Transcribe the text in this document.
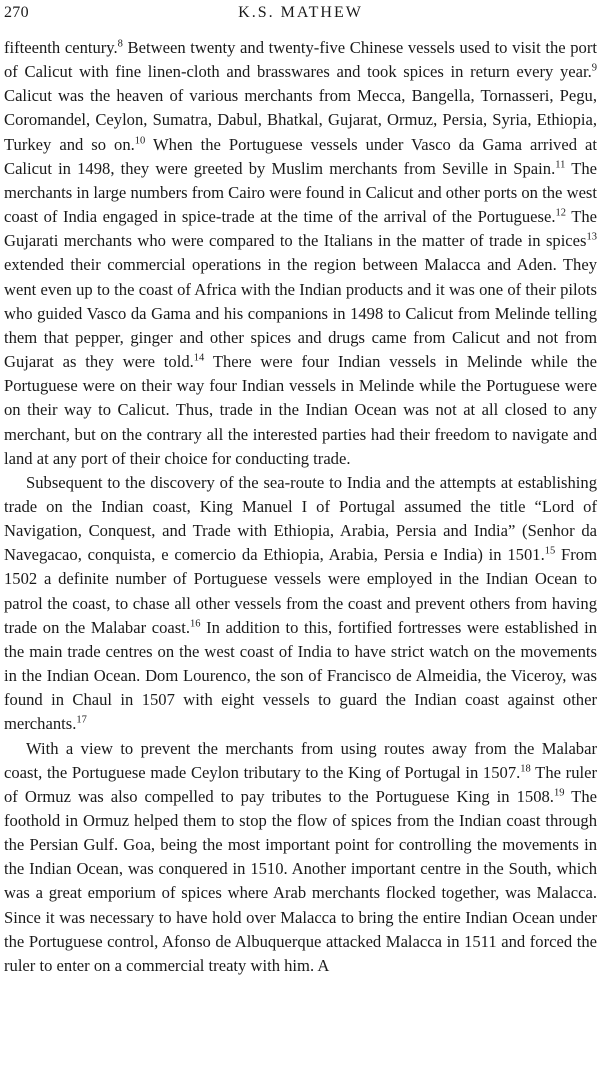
270	K.S. MATHEW

fifteenth century.$^8$ Between twenty and twenty-five Chinese vessels used to visit the port of Calicut with fine linen-cloth and brasswares and took spices in return every year.$^9$ Calicut was the heaven of various merchants from Mecca, Bangella, Tornasseri, Pegu, Coromandel, Ceylon, Sumatra, Dabul, Bhatkal, Gujarat, Ormuz, Persia, Syria, Ethiopia, Turkey and so on.$^{10}$ When the Portuguese vessels under Vasco da Gama arrived at Calicut in 1498, they were greeted by Muslim merchants from Seville in Spain.$^{11}$ The merchants in large numbers from Cairo were found in Calicut and other ports on the west coast of India engaged in spice-trade at the time of the arrival of the Portuguese.$^{12}$ The Gujarati merchants who were compared to the Italians in the matter of trade in spices$^{13}$ extended their commercial operations in the region between Malacca and Aden. They went even up to the coast of Africa with the Indian products and it was one of their pilots who guided Vasco da Gama and his companions in 1498 to Calicut from Melinde telling them that pepper, ginger and other spices and drugs came from Calicut and not from Gujarat as they were told.$^{14}$ There were four Indian vessels in Melinde while the Portuguese were on their way four Indian vessels in Melinde while the Portuguese were on their way to Calicut. Thus, trade in the Indian Ocean was not at all closed to any merchant, but on the contrary all the interested parties had their freedom to navigate and land at any port of their choice for conducting trade.

Subsequent to the discovery of the sea-route to India and the attempts at establishing trade on the Indian coast, King Manuel I of Portugal assumed the title “Lord of Navigation, Conquest, and Trade with Ethiopia, Arabia, Persia and India” (Senhor da Navegacao, conquista, e comercio da Ethiopia, Arabia, Persia e India) in 1501.15 From 1502 a definite number of Portuguese vessels were employed in the Indian Ocean to patrol the coast, to chase all other vessels from the coast and prevent others from having trade on the Malabar coast.$^{16}$ In addition to this, fortified fortresses were established in the main trade centres on the west coast of India to have strict watch on the movements in the Indian Ocean. Dom Lourenco, the son of Francisco de Almeidia, the Viceroy, was found in Chaul in 1507 with eight vessels to guard the Indian coast against other merchants.$^{17}$

With a view to prevent the merchants from using routes away from the Malabar coast, the Portuguese made Ceylon tributary to the King of Portugal in 1507.18 The ruler of Ormuz was also compelled to pay tributes to the Portuguese King in 1508.19 The foothold in Ormuz helped them to stop the flow of spices from the Indian coast through the Persian Gulf. Goa, being the most important point for controlling the movements in the Indian Ocean, was conquered in 1510. Another important centre in the South, which was a great emporium of spices where Arab merchants flocked together, was Malacca. Since it was necessary to have hold over Malacca to bring the entire Indian Ocean under the Portuguese control, Afonso de Albuquerque attacked Malacca in 1511 and forced the ruler to enter on a commercial treaty with him. A
